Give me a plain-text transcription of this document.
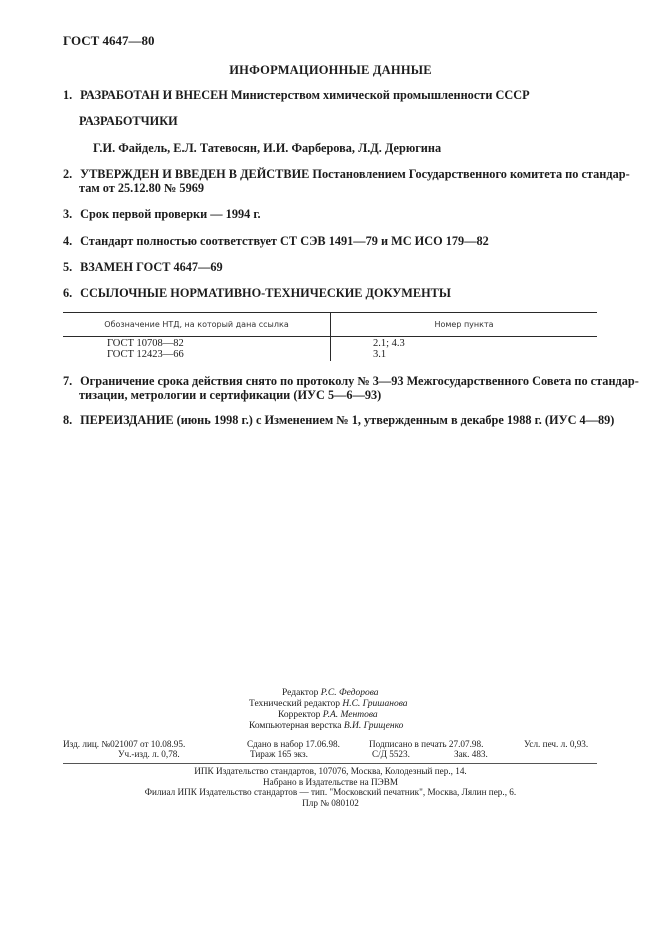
ГОСТ 4647—80
ИНФОРМАЦИОННЫЕ ДАННЫЕ
1. РАЗРАБОТАН И ВНЕСЕН Министерством химической промышленности СССР
РАЗРАБОТЧИКИ
Г.И. Файдель, Е.Л. Татевосян, И.И. Фарберова, Л.Д. Дерюгина
2. УТВЕРЖДЕН И ВВЕДЕН В ДЕЙСТВИЕ Постановлением Государственного комитета по стандар-
там от 25.12.80 № 5969
3. Срок первой проверки — 1994 г.
4. Стандарт полностью соответствует СТ СЭВ 1491—79 и МС ИСО 179—82
5. ВЗАМЕН ГОСТ 4647—69
6. ССЫЛОЧНЫЕ НОРМАТИВНО-ТЕХНИЧЕСКИЕ ДОКУМЕНТЫ
Обозначение НТД, на который дана ссылка	Номер пункта
ГОСТ 10708—82	2.1; 4.3
ГОСТ 12423—66	3.1
7. Ограничение срока действия снято по протоколу № 3—93 Межгосударственного Совета по стандар-
тизации, метрологии и сертификации (ИУС 5—6—93)
8. ПЕРЕИЗДАНИЕ (июнь 1998 г.) с Изменением № 1, утвержденным в декабре 1988 г. (ИУС 4—89)
Редактор Р.С. Федорова
Технический редактор Н.С. Гришанова
Корректор Р.А. Ментова
Компьютерная верстка В.И. Грищенко
Изд. лиц. №021007 от 10.08.95.	Сдано в набор 17.06.98.	Подписано в печать 27.07.98.	Усл. печ. л. 0,93.
Уч.-изд. л. 0,78.	Тираж 165 экз.	С/Д 5523.	Зак. 483.
ИПК Издательство стандартов, 107076, Москва, Колодезный пер., 14.
Набрано в Издательстве на ПЭВМ
Филиал ИПК Издательство стандартов — тип. "Московский печатник", Москва, Лялин пер., 6.
Плр № 080102
